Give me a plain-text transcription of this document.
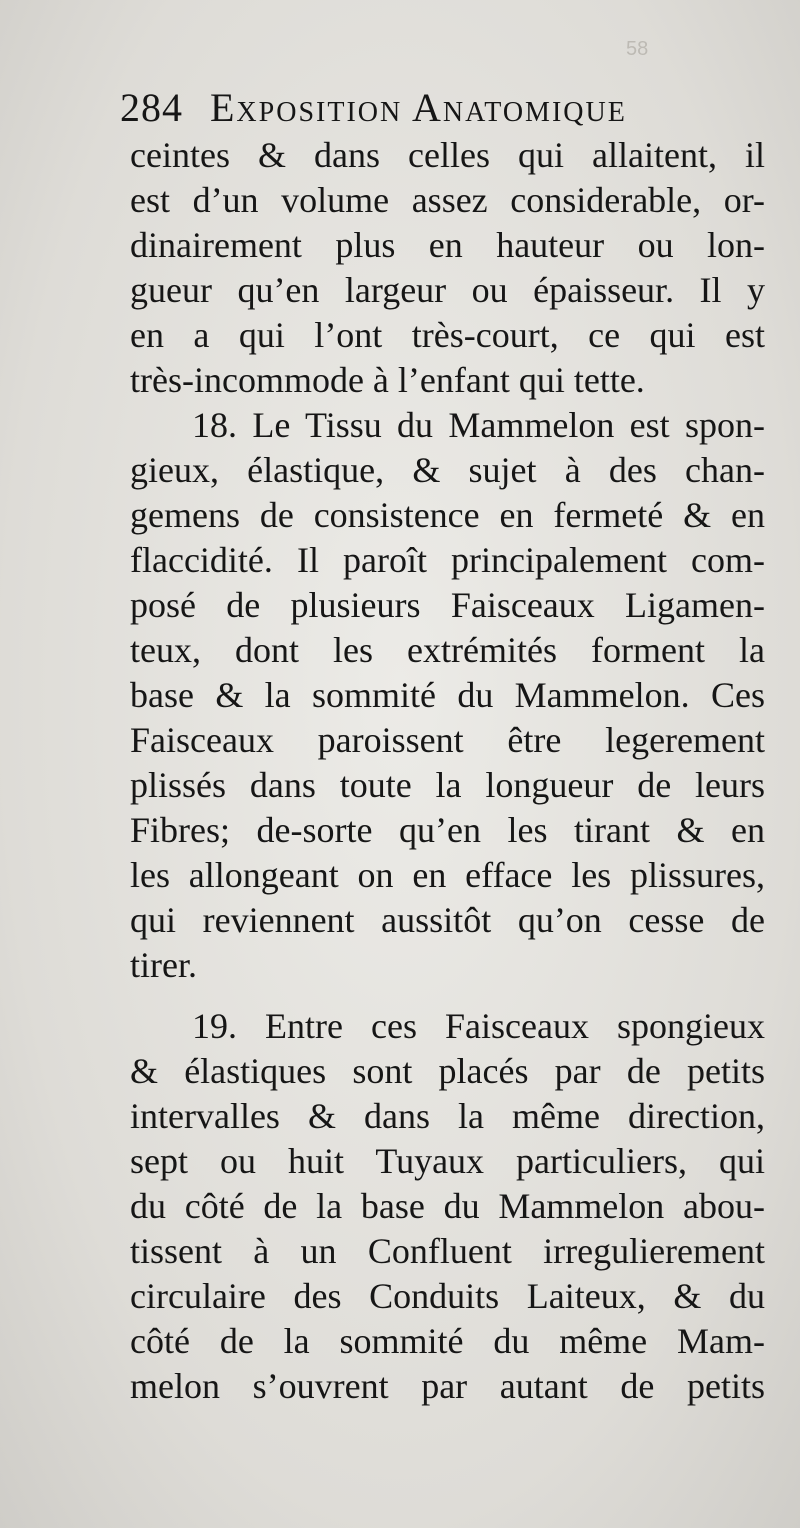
58
284 Exposition Anatomique
ceintes & dans celles qui allaitent, il
est d’un volume assez considerable, or-
dinairement plus en hauteur ou lon-
gueur qu’en largeur ou épaisseur. Il y
en a qui l’ont très-court, ce qui est
très-incommode à l’enfant qui tette.
18. Le Tissu du Mammelon est spon-
gieux, élastique, & sujet à des chan-
gemens de consistence en fermeté & en
flaccidité. Il paroît principalement com-
posé de plusieurs Faisceaux Ligamen-
teux, dont les extrémités forment la
base & la sommité du Mammelon. Ces
Faisceaux paroissent être legerement
plissés dans toute la longueur de leurs
Fibres; de-sorte qu’en les tirant & en
les allongeant on en efface les plissures,
qui reviennent aussitôt qu’on cesse de
tirer.
19. Entre ces Faisceaux spongieux
& élastiques sont placés par de petits
intervalles & dans la même direction,
sept ou huit Tuyaux particuliers, qui
du côté de la base du Mammelon abou-
tissent à un Confluent irregulierement
circulaire des Conduits Laiteux, & du
côté de la sommité du même Mam-
melon s’ouvrent par autant de petits
